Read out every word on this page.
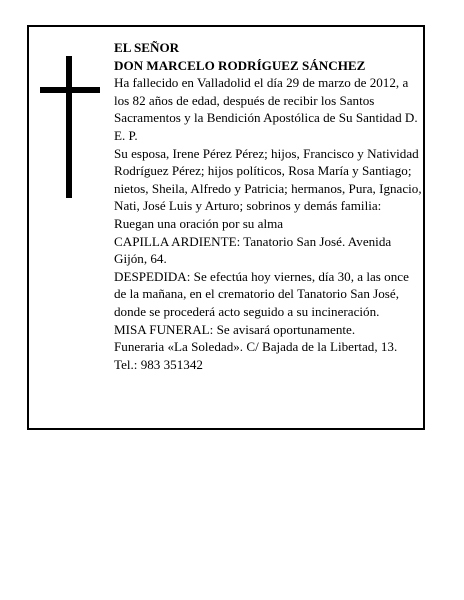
EL SEÑOR

DON MARCELO RODRÍGUEZ SÁNCHEZ

Ha fallecido en Valladolid el día 29 de marzo de 2012, a los 82 años de edad, después de recibir los Santos Sacramentos y la Bendición Apostólica de Su Santidad D. E. P.

Su esposa, Irene Pérez Pérez; hijos, Francisco y Natividad Rodríguez Pérez; hijos políticos, Rosa María y Santiago; nietos, Sheila, Alfredo y Patricia; hermanos, Pura, Ignacio, Nati, José Luis y Arturo; sobrinos y demás familia:

Ruegan una oración por su alma

CAPILLA ARDIENTE: Tanatorio San José. Avenida Gijón, 64.

DESPEDIDA: Se efectúa hoy viernes, día 30, a las once de la mañana, en el crematorio del Tanatorio San José, donde se procederá acto seguido a su incineración.

MISA FUNERAL: Se avisará oportunamente.

Funeraria «La Soledad». C/ Bajada de la Libertad, 13.

Tel.: 983 351342
